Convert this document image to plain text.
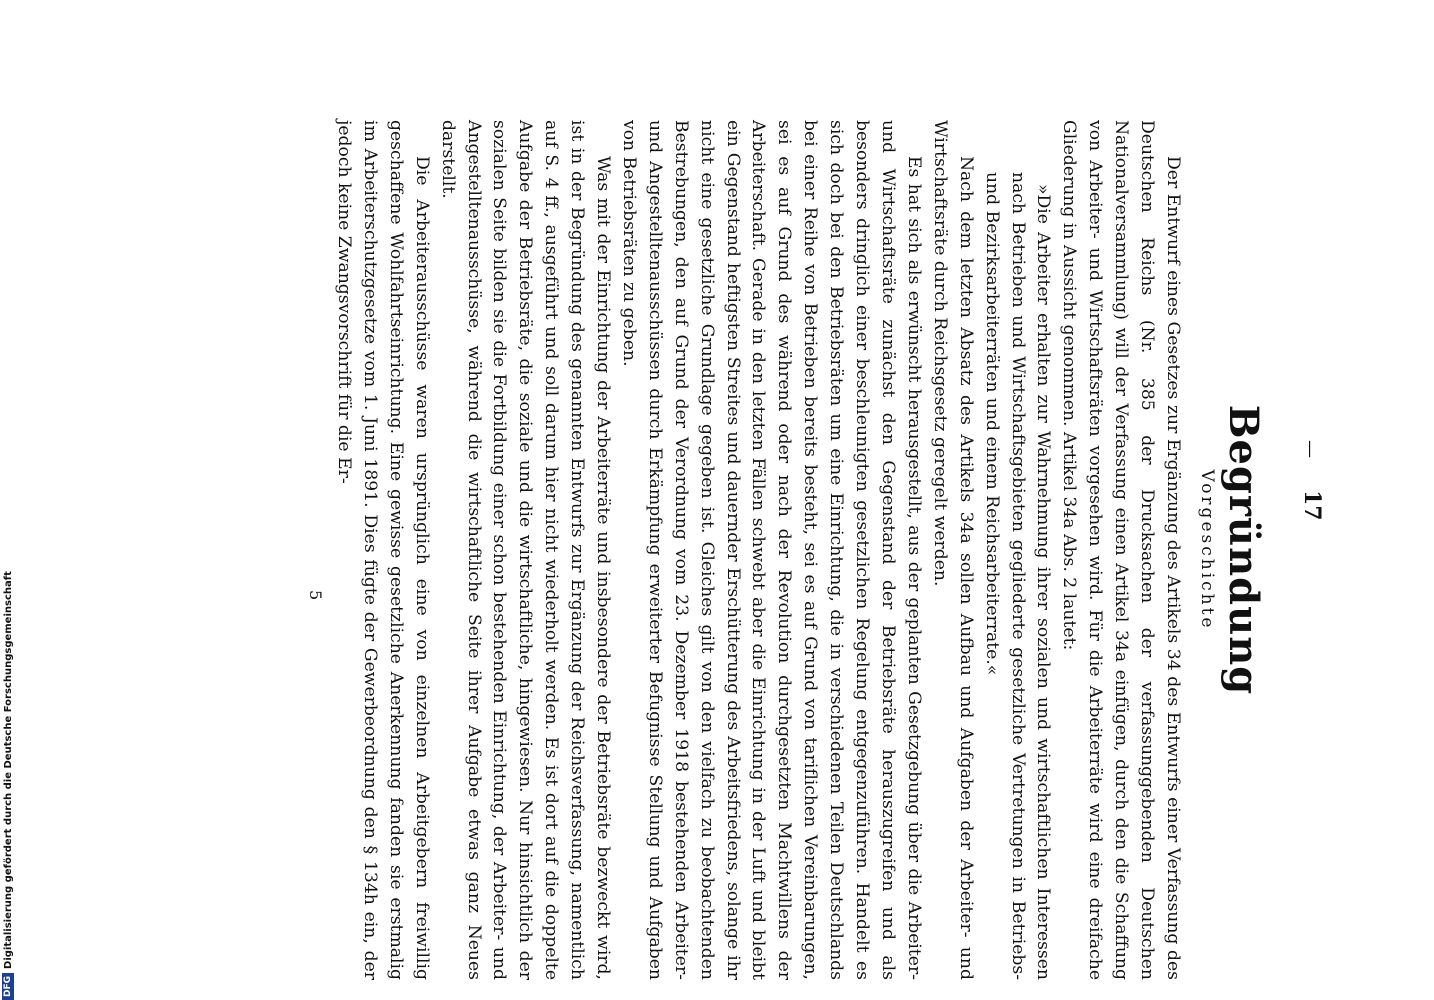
—
17
Begründung
Vorgeschichte

Der Entwurf eines Gesetzes zur Ergänzung des Artikels 34 des Entwurfs einer Verfassung des Deutschen Reichs (Nr. 385 der Drucksachen der verfassunggebenden Deutschen Nationalversammlung) will der Verfassung einen Artikel 34a einfügen, durch den die Schaffung von Arbeiter- und Wirtschaftsräten vorgesehen wird. Für die Arbeiterräte wird eine dreifache Gliederung in Aussicht genommen. Artikel 34a Abs. 2 lautet:

»Die Arbeiter erhalten zur Wahrnehmung ihrer sozialen und wirtschaftlichen Interessen nach Betrieben und Wirtschaftsgebieten gegliederte gesetzliche Vertretungen in Betriebs- und Bezirksarbeiterräten und einem Reichsarbeiterrate.«

Nach dem letzten Absatz des Artikels 34a sollen Aufbau und Aufgaben der Arbeiter- und Wirtschaftsräte durch Reichsgesetz geregelt werden.

Es hat sich als erwünscht herausgestellt, aus der geplanten Gesetzgebung über die Arbeiter- und Wirtschaftsräte zunächst den Gegenstand der Betriebsräte herauszugreifen und als besonders dringlich einer beschleunigten gesetzlichen Regelung entgegenzuführen. Handelt es sich doch bei den Betriebsräten um eine Einrichtung, die in verschiedenen Teilen Deutschlands bei einer Reihe von Betrieben bereits besteht, sei es auf Grund von tariflichen Vereinbarungen, sei es auf Grund des während oder nach der Revolution durchgesetzten Machtwillens der Arbeiterschaft. Gerade in den letzten Fällen schwebt aber die Einrichtung in der Luft und bleibt ein Gegenstand heftigsten Streites und dauernder Erschütterung des Arbeitsfriedens, solange ihr nicht eine gesetzliche Grundlage gegeben ist. Gleiches gilt von den vielfach zu beobachtenden Bestrebungen, den auf Grund der Verordnung vom 23. Dezember 1918 bestehenden Arbeiter- und Angestelltenausschüssen durch Erkämpfung erweiterter Befugnisse Stellung und Aufgaben von Betriebsräten zu geben.

Was mit der Einrichtung der Arbeiterräte und insbesondere der Betriebsräte bezweckt wird, ist in der Begründung des genannten Entwurfs zur Ergänzung der Reichsverfassung, namentlich auf S. 4 ff., ausgeführt und soll darum hier nicht wiederholt werden. Es ist dort auf die doppelte Aufgabe der Betriebsräte, die soziale und die wirtschaftliche, hingewiesen. Nur hinsichtlich der sozialen Seite bilden sie die Fortbildung einer schon bestehenden Einrichtung, der Arbeiter- und Angestelltenausschüsse, während die wirtschaftliche Seite ihrer Aufgabe etwas ganz Neues darstellt.

Die Arbeiterausschüsse waren ursprünglich eine von einzelnen Arbeitgebern freiwillig geschaffene Wohlfahrtseinrichtung. Eine gewisse gesetzliche Anerkennung fanden sie erstmalig im Arbeiterschutzgesetze vom 1. Juni 1891. Dies fügte der Gewerbeordnung den § 134h ein, der jedoch keine Zwangsvorschrift für die Er-

5
DFG
Digitalisierung gefördert durch die Deutsche Forschungsgemeinschaft
